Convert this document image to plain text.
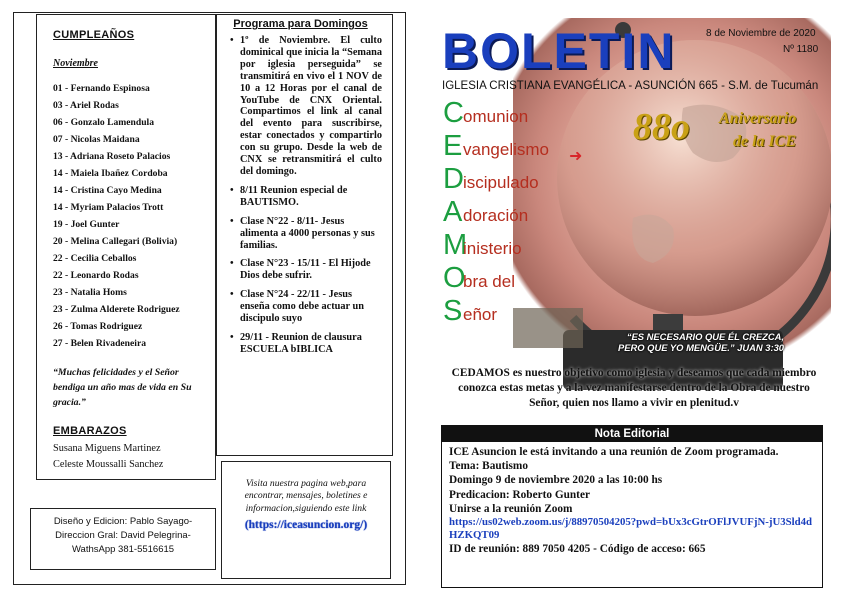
CUMPLEAÑOS
Noviembre
01 - Fernando Espinosa
03 - Ariel Rodas
06 - Gonzalo Lamendula
07 - Nicolas Maidana
13 - Adriana Roseto Palacios
14 - Maiela Ibañez Cordoba
14 - Cristina Cayo Medina
14 - Myriam Palacios Trott
19 - Joel Gunter
20 - Melina Callegari (Bolivia)
22 - Cecilia Ceballos
22 - Leonardo Rodas
23 - Natalia Homs
23 - Zulma Alderete Rodriguez
26 - Tomas Rodriguez
27 - Belen Rivadeneira
“Muchas felicidades y el Señor bendiga un año mas de vida en Su gracia.”
EMBARAZOS
Susana Miguens Martinez
Celeste Moussalli Sanchez
Diseño y Edicion: Pablo Sayago-
Direccion Gral: David Pelegrina-
WathsApp 381-5516615
Programa para Domingos
• 1º de Noviembre. El culto dominical que inicia la “Semana por iglesia perseguida” se transmitirá en vivo el 1 NOV de 10 a 12 Horas por el canal de YouTube de CNX Oriental. Compartimos el link al canal del evento para suscribirse, estar conectados y compartirlo con su grupo. Desde la web de CNX se retransmitirá el culto del domingo.
• 8/11 Reunion especial de BAUTISMO.
• Clase N°22 - 8/11- Jesus alimenta a 4000 personas y sus familias.
• Clase N°23 - 15/11 - El Hijode Dios debe sufrir.
• Clase N°24 - 22/11 - Jesus enseña como debe actuar un discipulo suyo
• 29/11 - Reunion de clausura ESCUELA bIBLICA
Visita nuestra pagina web,para encontrar, mensajes, boletines e informacion,siguiendo este link
(https://iceasuncion.org/)
8 de Noviembre de 2020
Nº 1180
BOLETIN
IGLESIA CRISTIANA EVANGÉLICA - ASUNCIÓN 665 - S.M. de Tucumán
Comunion
Evangelismo
Discipulado
Adoración
Ministerio
Obra del
Señor
➜
88o Aniversario
de la ICE
“ES NECESARIO QUE ÉL CREZCA,
PERO QUE YO MENGÜE.” JUAN 3:30
CEDAMOS es nuestro objetivo como iglesia y deseamos que cada miembro conozca estas metas y a la vez manifestarse dentro de la Obra de nuestro Señor, quien nos llamo a vivir en plenitud.v
Nota Editorial
ICE Asuncion le está invitando a una reunión de Zoom programada.
Tema: Bautismo
Domingo 9 de noviembre 2020 a las 10:00 hs
Predicacion: Roberto Gunter
Unirse a la reunión Zoom
https://us02web.zoom.us/j/88970504205?pwd=bUx3cGtrOFlJVUFjN-jU3Sld4dHZKQT09
ID de reunión: 889 7050 4205 - Código de acceso: 665
